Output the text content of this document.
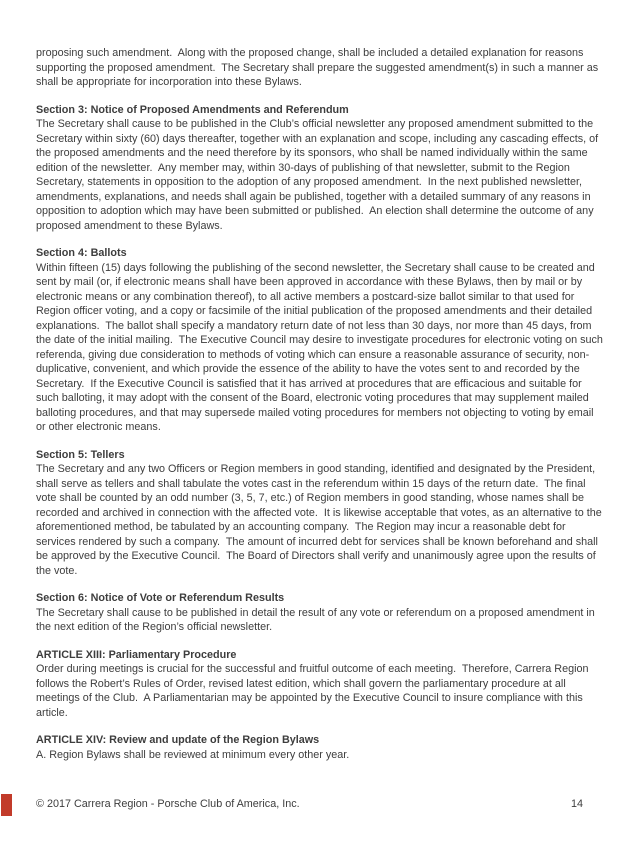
proposing such amendment.  Along with the proposed change, shall be included a detailed explanation for reasons supporting the proposed amendment.  The Secretary shall prepare the suggested amendment(s) in such a manner as shall be appropriate for incorporation into these Bylaws.

Section 3: Notice of Proposed Amendments and Referendum

The Secretary shall cause to be published in the Club’s official newsletter any proposed amendment submitted to the Secretary within sixty (60) days thereafter, together with an explanation and scope, including any cascading effects, of the proposed amendments and the need therefore by its sponsors, who shall be named individually within the same edition of the newsletter.  Any member may, within 30-days of publishing of that newsletter, submit to the Region Secretary, statements in opposition to the adoption of any proposed amendment.  In the next published newsletter, amendments, explanations, and needs shall again be published, together with a detailed summary of any reasons in opposition to adoption which may have been submitted or published.  An election shall determine the outcome of any proposed amendment to these Bylaws.

Section 4: Ballots

Within fifteen (15) days following the publishing of the second newsletter, the Secretary shall cause to be created and sent by mail (or, if electronic means shall have been approved in accordance with these Bylaws, then by mail or by electronic means or any combination thereof), to all active members a postcard-size ballot similar to that used for Region officer voting, and a copy or facsimile of the initial publication of the proposed amendments and their detailed explanations.  The ballot shall specify a mandatory return date of not less than 30 days, nor more than 45 days, from the date of the initial mailing.  The Executive Council may desire to investigate procedures for electronic voting on such referenda, giving due consideration to methods of voting which can ensure a reasonable assurance of security, non-duplicative, convenient, and which provide the essence of the ability to have the votes sent to and recorded by the Secretary.  If the Executive Council is satisfied that it has arrived at procedures that are efficacious and suitable for such balloting, it may adopt with the consent of the Board, electronic voting procedures that may supplement mailed balloting procedures, and that may supersede mailed voting procedures for members not objecting to voting by email or other electronic means.

Section 5: Tellers

The Secretary and any two Officers or Region members in good standing, identified and designated by the President, shall serve as tellers and shall tabulate the votes cast in the referendum within 15 days of the return date.  The final vote shall be counted by an odd number (3, 5, 7, etc.) of Region members in good standing, whose names shall be recorded and archived in connection with the affected vote.  It is likewise acceptable that votes, as an alternative to the aforementioned method, be tabulated by an accounting company.  The Region may incur a reasonable debt for services rendered by such a company.  The amount of incurred debt for services shall be known beforehand and shall be approved by the Executive Council.  The Board of Directors shall verify and unanimously agree upon the results of the vote.

Section 6: Notice of Vote or Referendum Results

The Secretary shall cause to be published in detail the result of any vote or referendum on a proposed amendment in the next edition of the Region’s official newsletter.

ARTICLE XIII: Parliamentary Procedure

Order during meetings is crucial for the successful and fruitful outcome of each meeting.  Therefore, Carrera Region follows the Robert’s Rules of Order, revised latest edition, which shall govern the parliamentary procedure at all meetings of the Club.  A Parliamentarian may be appointed by the Executive Council to insure compliance with this article.

ARTICLE XIV: Review and update of the Region Bylaws

A. Region Bylaws shall be reviewed at minimum every other year.

© 2017 Carrera Region - Porsche Club of America, Inc.	14
